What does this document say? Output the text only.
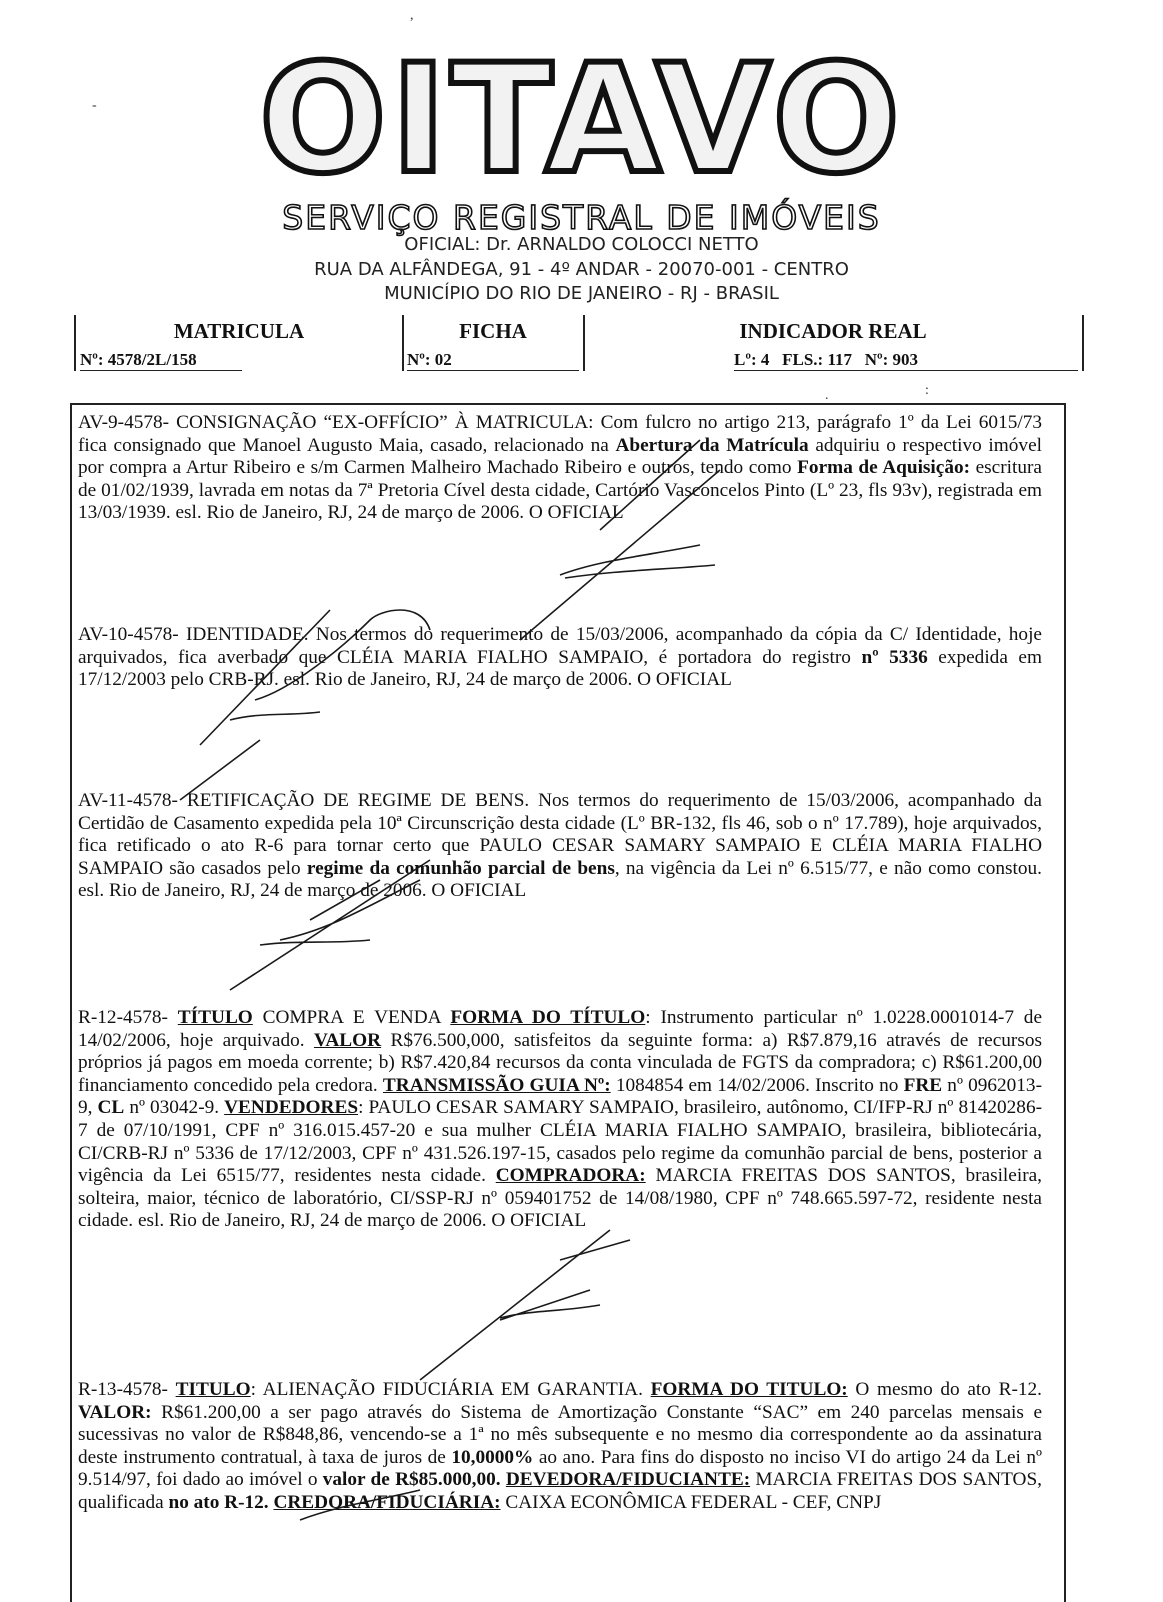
OITAVO
SERVIÇO REGISTRAL DE IMÓVEIS
OFICIAL: Dr. ARNALDO COLOCCI NETTO
RUA DA ALFÂNDEGA, 91 - 4º ANDAR - 20070-001 - CENTRO
MUNICÍPIO DO RIO DE JANEIRO - RJ - BRASIL
MATRICULA
Nº: 4578/2L/158
FICHA
Nº: 02
INDICADOR REAL
Lº: 4   FLS.: 117   Nº: 903

AV-9-4578- CONSIGNAÇÃO “EX-OFFÍCIO” À MATRICULA: Com fulcro no artigo 213, parágrafo 1º da Lei 6015/73 fica consignado que Manoel Augusto Maia, casado, relacionado na Abertura da Matrícula adquiriu o respectivo imóvel por compra a Artur Ribeiro e s/m Carmen Malheiro Machado Ribeiro e outros, tendo como Forma de Aquisição: escritura de 01/02/1939, lavrada em notas da 7ª Pretoria Cível desta cidade, Cartório Vasconcelos Pinto (Lº 23, fls 93v), registrada em 13/03/1939. esl. Rio de Janeiro, RJ, 24 de março de 2006. O OFICIAL

AV-10-4578- IDENTIDADE. Nos termos do requerimento de 15/03/2006, acompanhado da cópia da C/ Identidade, hoje arquivados, fica averbado que CLÉIA MARIA FIALHO SAMPAIO, é portadora do registro nº 5336 expedida em 17/12/2003 pelo CRB-RJ. esl. Rio de Janeiro, RJ, 24 de março de 2006. O OFICIAL

AV-11-4578- RETIFICAÇÃO DE REGIME DE BENS. Nos termos do requerimento de 15/03/2006, acompanhado da Certidão de Casamento expedida pela 10ª Circunscrição desta cidade (Lº BR-132, fls 46, sob o nº 17.789), hoje arquivados, fica retificado o ato R-6 para tornar certo que PAULO CESAR SAMARY SAMPAIO E CLÉIA MARIA FIALHO SAMPAIO são casados pelo regime da comunhão parcial de bens, na vigência da Lei nº 6.515/77, e não como constou. esl. Rio de Janeiro, RJ, 24 de março de 2006. O OFICIAL

R-12-4578- TÍTULO COMPRA E VENDA FORMA DO TÍTULO: Instrumento particular nº 1.0228.0001014-7 de 14/02/2006, hoje arquivado. VALOR R$76.500,000, satisfeitos da seguinte forma: a) R$7.879,16 através de recursos próprios já pagos em moeda corrente; b) R$7.420,84 recursos da conta vinculada de FGTS da compradora; c) R$61.200,00 financiamento concedido pela credora. TRANSMISSÃO GUIA Nº: 1084854 em 14/02/2006. Inscrito no FRE nº 0962013-9, CL nº 03042-9. VENDEDORES: PAULO CESAR SAMARY SAMPAIO, brasileiro, autônomo, CI/IFP-RJ nº 81420286-7 de 07/10/1991, CPF nº 316.015.457-20 e sua mulher CLÉIA MARIA FIALHO SAMPAIO, brasileira, bibliotecária, CI/CRB-RJ nº 5336 de 17/12/2003, CPF nº 431.526.197-15, casados pelo regime da comunhão parcial de bens, posterior a vigência da Lei 6515/77, residentes nesta cidade. COMPRADORA: MARCIA FREITAS DOS SANTOS, brasileira, solteira, maior, técnico de laboratório, CI/SSP-RJ nº 059401752 de 14/08/1980, CPF nº 748.665.597-72, residente nesta cidade. esl. Rio de Janeiro, RJ, 24 de março de 2006. O OFICIAL

R-13-4578- TITULO: ALIENAÇÃO FIDUCIÁRIA EM GARANTIA. FORMA DO TITULO: O mesmo do ato R-12. VALOR: R$61.200,00 a ser pago através do Sistema de Amortização Constante “SAC” em 240 parcelas mensais e sucessivas no valor de R$848,86, vencendo-se a 1ª no mês subsequente e no mesmo dia correspondente ao da assinatura deste instrumento contratual, à taxa de juros de 10,0000% ao ano. Para fins do disposto no inciso VI do artigo 24 da Lei nº 9.514/97, foi dado ao imóvel o valor de R$85.000,00. DEVEDORA/FIDUCIANTE: MARCIA FREITAS DOS SANTOS, qualificada no ato R-12. CREDORA/FIDUCIÁRIA: CAIXA ECONÔMICA FEDERAL - CEF, CNPJ

,
-
.	:
